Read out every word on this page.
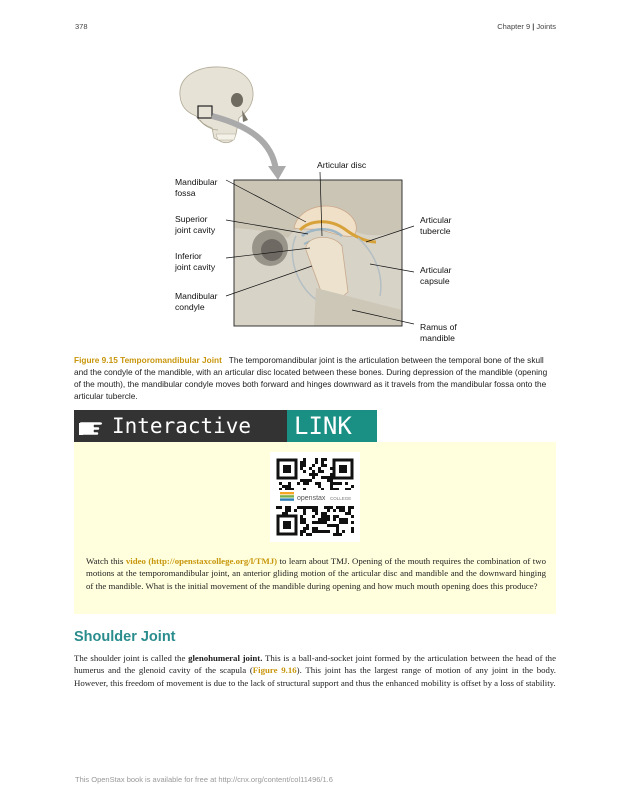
378	Chapter 9 | Joints
Articular disc
Mandibular
fossa
Superior
joint cavity
Inferior
joint cavity
Mandibular
condyle
Articular
tubercle
Articular
capsule
Ramus of
mandible
Figure 9.15 Temporomandibular Joint The temporomandibular joint is the articulation between the temporal bone of the skull and the condyle of the mandible, with an articular disc located between these bones. During depression of the mandible (opening of the mouth), the mandibular condyle moves both forward and hinges downward as it travels from the mandibular fossa onto the articular tubercle.
Interactive LINK
openstax COLLEGE
Watch this video (http://openstaxcollege.org/l/TMJ) to learn about TMJ. Opening of the mouth requires the combination of two motions at the temporomandibular joint, an anterior gliding motion of the articular disc and mandible and the downward hinging of the mandible. What is the initial movement of the mandible during opening and how much mouth opening does this produce?
Shoulder Joint
The shoulder joint is called the glenohumeral joint. This is a ball-and-socket joint formed by the articulation between the head of the humerus and the glenoid cavity of the scapula (Figure 9.16). This joint has the largest range of motion of any joint in the body. However, this freedom of movement is due to the lack of structural support and thus the enhanced mobility is offset by a loss of stability.
This OpenStax book is available for free at http://cnx.org/content/col11496/1.6
